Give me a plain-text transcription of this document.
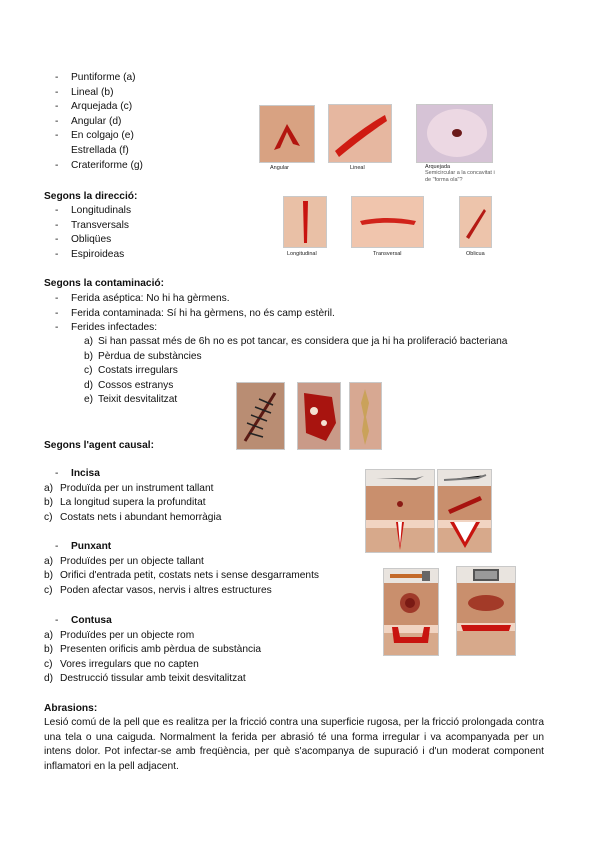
- Puntiforme (a)
- Lineal (b)
- Arquejada (c)
- Angular (d)
- En colgajo (e)
Estrellada (f)
- Crateriforme (g)	Angular	Lineal	Arquejada
Semicircular a la concavitat i de "forma ola"?
Segons la direcció:
- Longitudinals
- Transversals
- Obliqües
- Espiroideas	Longitudinal	Transversal	Oblicua
Segons la contaminació:
- Ferida aséptica: No hi ha gèrmens.
- Ferida contaminada: Sí hi ha gèrmens, no és camp estèril.
- Ferides infectades:
a) Si han passat més de 6h no es pot tancar, es considera que ja hi ha proliferació bacteriana
b) Pèrdua de substàncies
c) Costats irregulars
d) Cossos estranys
e) Teixit desvitalitzat
Segons l'agent causal:
- Incisa
a) Produïda per un instrument tallant
b) La longitud supera la profunditat
c) Costats nets i abundant hemorràgia
- Punxant
a) Produïdes per un objecte tallant
b) Orifici d'entrada petit, costats nets i sense desgarraments
c) Poden afectar vasos, nervis i altres estructures
- Contusa
a) Produïdes per un objecte rom
b) Presenten orificis amb pèrdua de substància
c) Vores irregulars que no capten
d) Destrucció tissular amb teixit desvitalitzat
Abrasions:
Lesió comú de la pell que es realitza per la fricció contra una superficie rugosa, per la fricció prolongada contra una tela o una caiguda. Normalment la ferida per abrasió té una forma irregular i va acompanyada per un intens dolor. Pot infectar-se amb freqüència, per què s'acompanya de supuració i d'un moderat component inflamatori en la pell adjacent.
